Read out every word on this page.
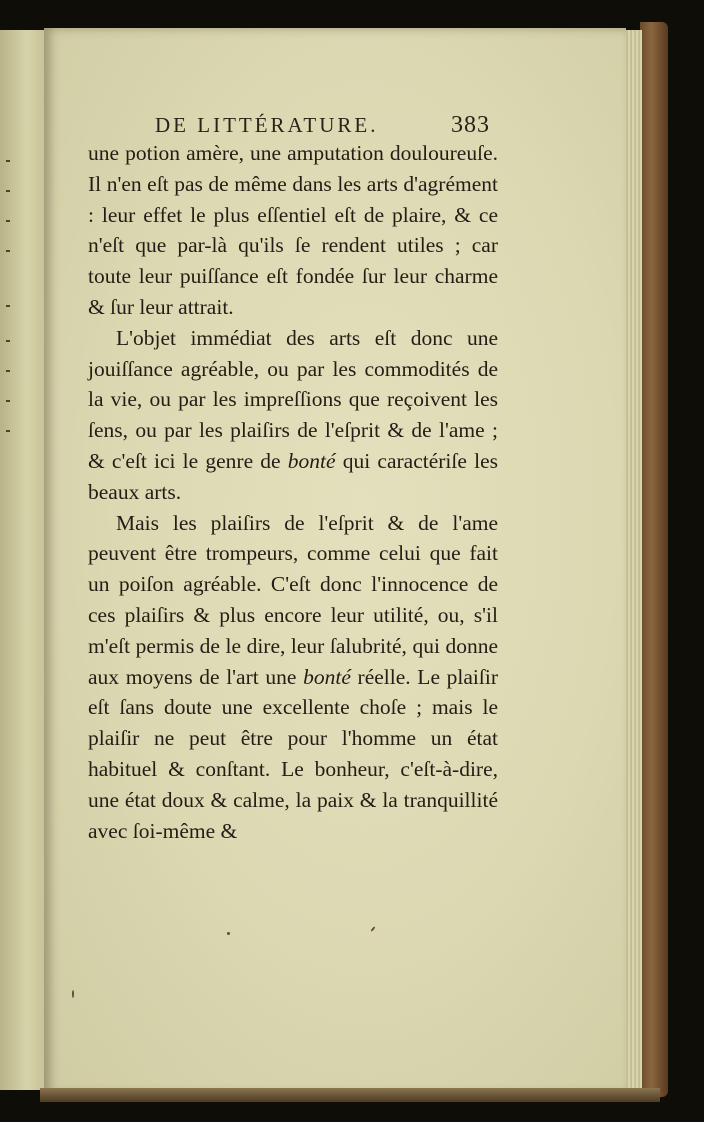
DE LITTÉRATURE.	383

une potion amère, une amputation douloureuſe. Il n'en eſt pas de même dans les arts d'agrément : leur effet le plus eſſentiel eſt de plaire, & ce n'eſt que par-là qu'ils ſe rendent utiles ; car toute leur puiſſance eſt fondée ſur leur charme & ſur leur attrait.

L'objet immédiat des arts eſt donc une jouiſſance agréable, ou par les commodités de la vie, ou par les impreſſions que reçoivent les ſens, ou par les plaiſirs de l'eſprit & de l'ame ; & c'eſt ici le genre de bonté qui caractériſe les beaux arts.

Mais les plaiſirs de l'eſprit & de l'ame peuvent être trompeurs, comme celui que fait un poiſon agréable. C'eſt donc l'innocence de ces plaiſirs & plus encore leur utilité, ou, s'il m'eſt permis de le dire, leur ſalubrité, qui donne aux moyens de l'art une bonté réelle. Le plaiſir eſt ſans doute une excellente choſe ; mais le plaiſir ne peut être pour l'homme un état habituel & conſtant. Le bonheur, c'eſt-à-dire, une état doux & calme, la paix & la tranquillité avec ſoi-même &
